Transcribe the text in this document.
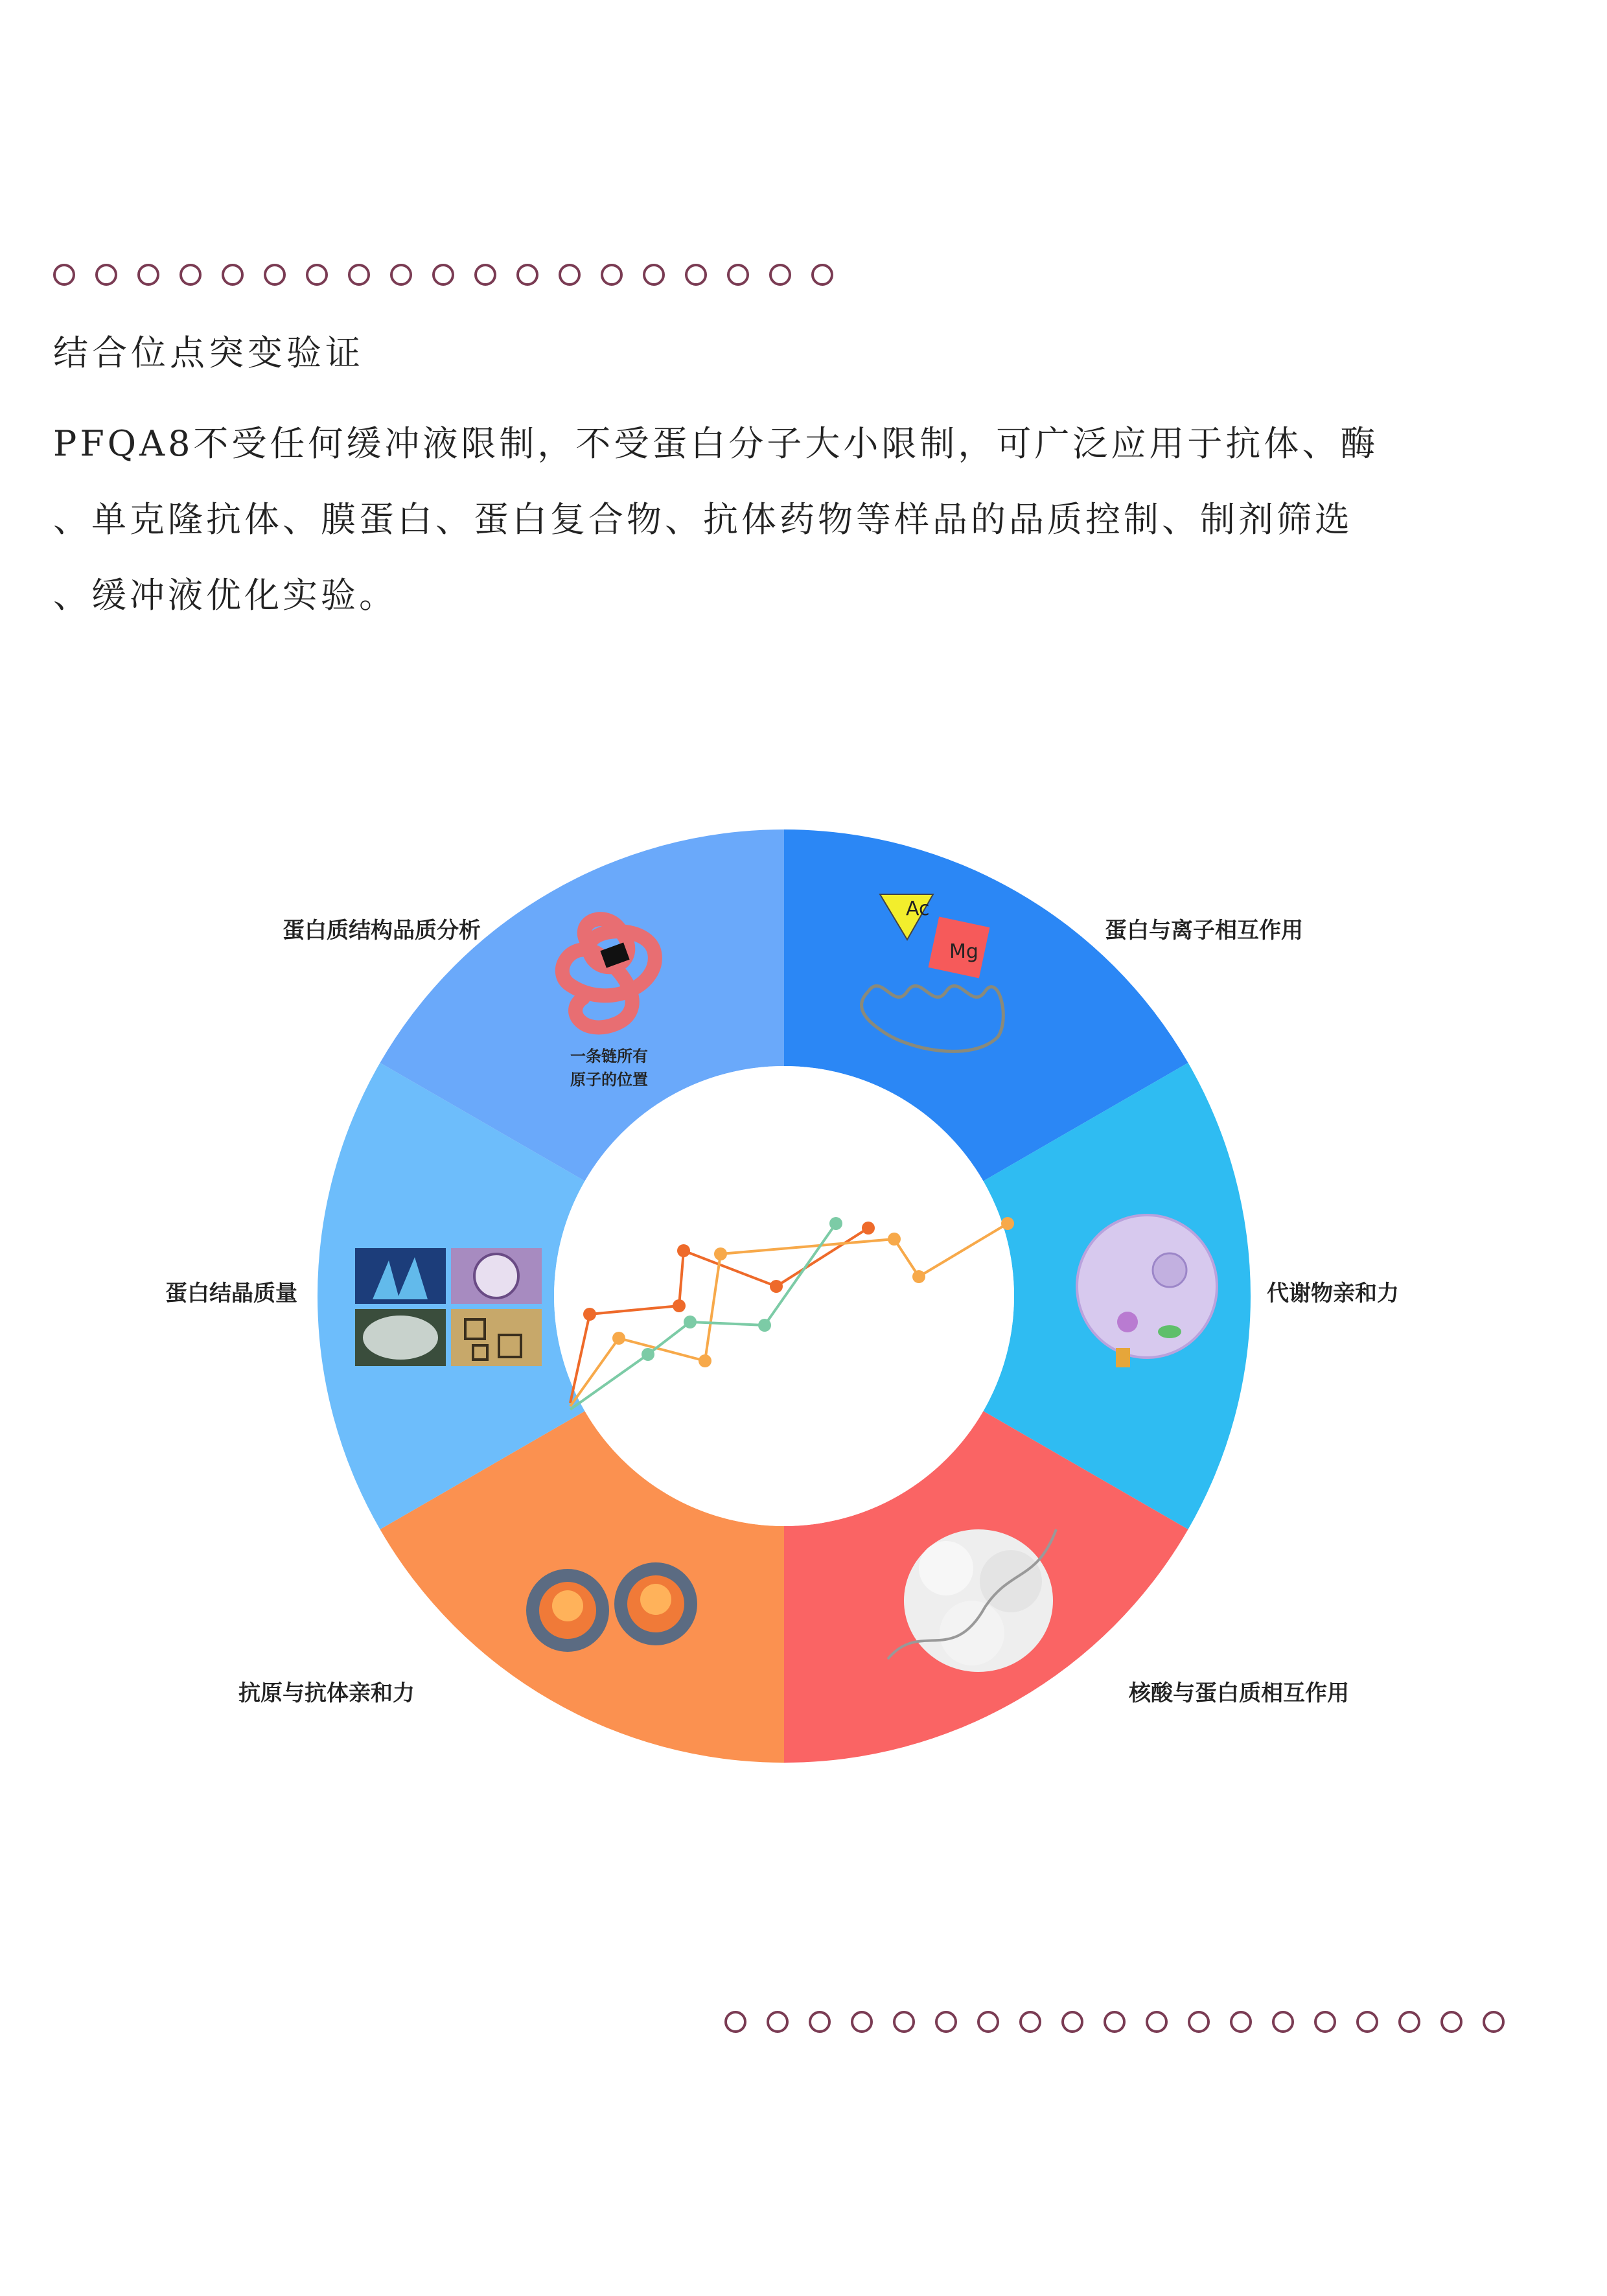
结合位点突变验证
PFQA8不受任何缓冲液限制，不受蛋白分子大小限制，可广泛应用于抗体、酶
、单克隆抗体、膜蛋白、蛋白复合物、抗体药物等样品的品质控制、制剂筛选
、缓冲液优化实验。
Ac
Mg
蛋白质结构品质分析	蛋白与离子相互作用
代谢物亲和力
核酸与蛋白质相互作用
抗原与抗体亲和力
蛋白结晶质量
一条链所有
原子的位置
